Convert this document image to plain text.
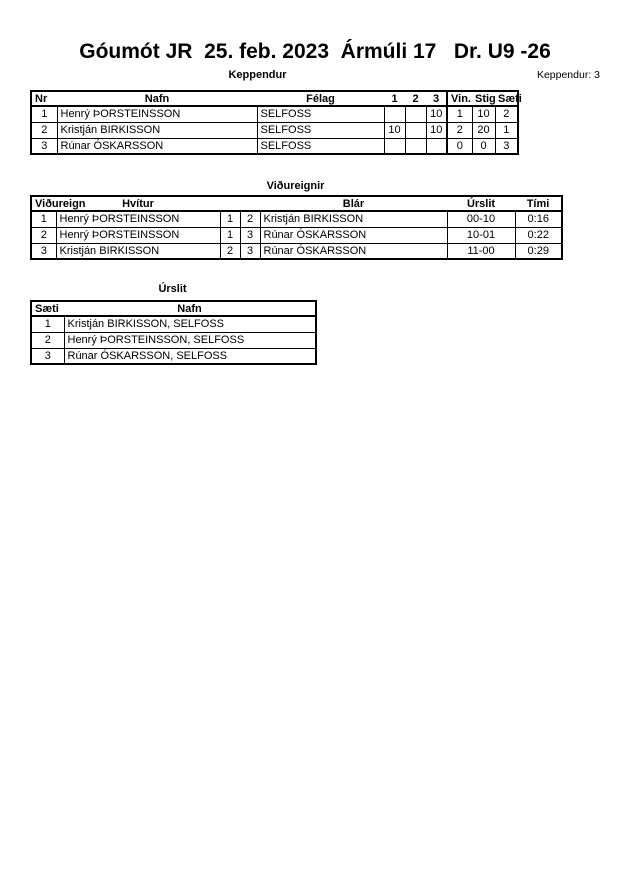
Góumót JR  25. feb. 2023  Ármúli 17   Dr. U9 -26
Keppendur	Keppendur: 3
Nr	Nafn	Félag	1	2	3	Vin.	Stig	Sæti
1	Henrý ÞORSTEINSSON	SELFOSS			10	1	10	2
2	Kristján BIRKISSON	SELFOSS	10		10	2	20	1
3	Rúnar ÓSKARSSON	SELFOSS				0	0	3
Viðureignir
Viðureign	Hvítur			Blár	Úrslit	Tími
1	Henrý ÞORSTEINSSON	1	2	Kristján BIRKISSON	00-10	0:16
2	Henrý ÞORSTEINSSON	1	3	Rúnar ÓSKARSSON	10-01	0:22
3	Kristján BIRKISSON	2	3	Rúnar ÓSKARSSON	11-00	0:29
Úrslit
Sæti	Nafn
1	Kristján BIRKISSON, SELFOSS
2	Henrý ÞORSTEINSSON, SELFOSS
3	Rúnar ÓSKARSSON, SELFOSS
